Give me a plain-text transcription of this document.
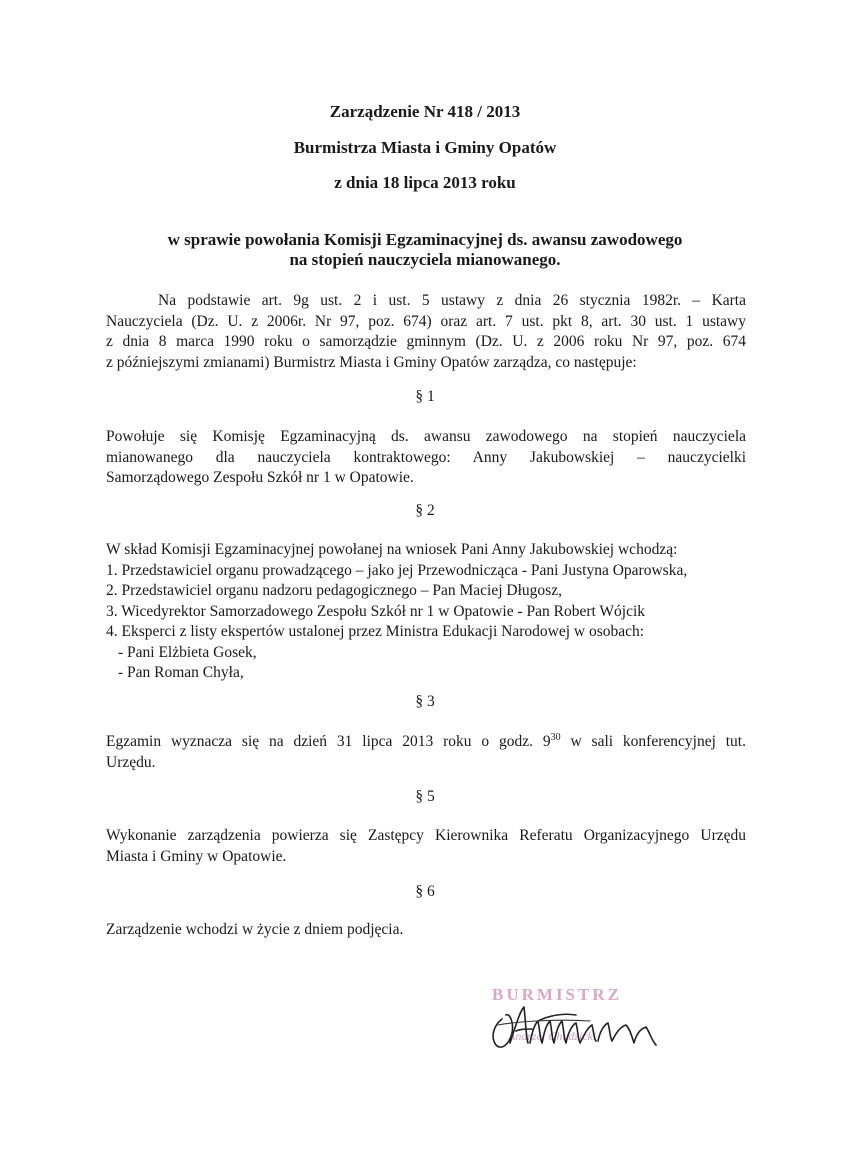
Zarządzenie Nr 418 / 2013
Burmistrza Miasta i Gminy Opatów
z dnia 18 lipca 2013 roku
w sprawie powołania Komisji Egzaminacyjnej ds. awansu zawodowego
na stopień nauczyciela mianowanego.
Na podstawie art. 9g ust. 2 i ust. 5 ustawy z dnia 26 stycznia 1982r. – Karta
Nauczyciela (Dz. U. z 2006r. Nr 97, poz. 674) oraz art. 7 ust. pkt 8, art. 30 ust. 1 ustawy
z dnia 8 marca 1990 roku o samorządzie gminnym (Dz. U. z 2006 roku Nr 97, poz. 674
z późniejszymi zmianami) Burmistrz Miasta i Gminy Opatów zarządza, co następuje:
§ 1
Powołuje się Komisję Egzaminacyjną ds. awansu zawodowego na stopień nauczyciela
mianowanego dla nauczyciela kontraktowego: Anny Jakubowskiej – nauczycielki
Samorządowego Zespołu Szkół nr 1 w Opatowie.
§ 2
W skład Komisji Egzaminacyjnej powołanej na wniosek Pani Anny Jakubowskiej wchodzą:
1. Przedstawiciel organu prowadzącego – jako jej Przewodnicząca - Pani Justyna Oparowska,
2. Przedstawiciel organu nadzoru pedagogicznego – Pan Maciej Długosz,
3. Wicedyrektor Samorzadowego Zespołu Szkół nr 1 w Opatowie - Pan Robert Wójcik
4. Eksperci z listy ekspertów ustalonej przez Ministra Edukacji Narodowej w osobach:
- Pani Elżbieta Gosek,
- Pan Roman Chyła,
§ 3
Egzamin wyznacza się na dzień 31 lipca 2013 roku o godz. $9^{30}$ w sali konferencyjnej tut.
Urzędu.
§ 5
Wykonanie zarządzenia powierza się Zastępcy Kierownika Referatu Organizacyjnego Urzędu
Miasta i Gminy w Opatowie.
§ 6
Zarządzenie wchodzi w życie z dniem podjęcia.
BURMISTRZ
Andrzej Chudzicki
